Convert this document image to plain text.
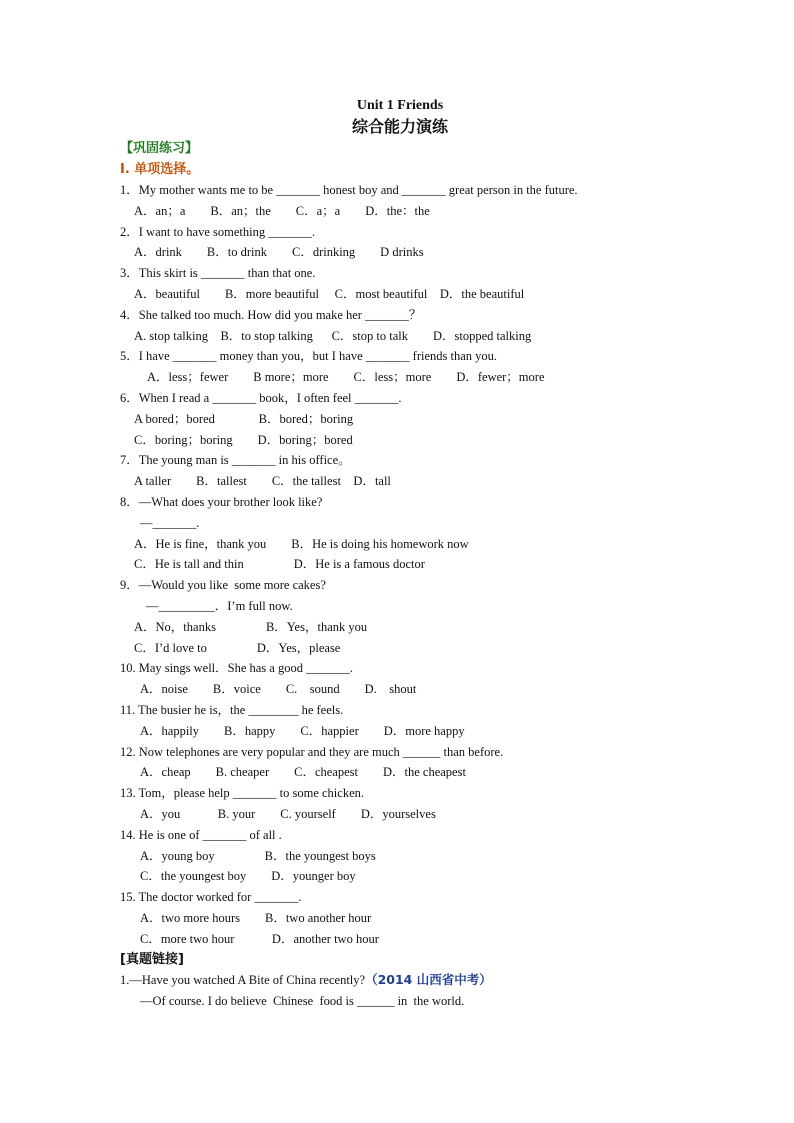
Unit 1 Friends
综合能力演练
【巩固练习】
I. 单项选择。
1．My mother wants me to be _______ honest boy and _______ great person in the future.
A．an；a        B．an；the        C．a；a        D．the：the
2．I want to have something _______.
A．drink        B．to drink        C．drinking        D drinks
3．This skirt is _______ than that one.
A．beautiful        B．more beautiful     C．most beautiful    D．the beautiful
4．She talked too much. How did you make her _______？
A. stop talking    B．to stop talking      C．stop to talk        D．stopped talking
5．I have _______ money than you，but I have _______ friends than you.
A．less；fewer        B more；more        C．less；more        D．fewer；more
6．When I read a _______ book，I often feel _______.
A bored；bored              B．bored；boring
C．boring；boring        D．boring；bored
7．The young man is _______ in his office。
A taller        B．tallest        C．the tallest    D．tall
8．—What does your brother look like?
—_______.
A．He is fine，thank you        B．He is doing his homework now
C．He is tall and thin                D．He is a famous doctor
9．—Would you like  some more cakes?
—_________．I’m full now.
A．No，thanks                B．Yes，thank you
C．I’d love to                D．Yes，please
10. May sings well．She has a good _______.
A．noise        B．voice        C.    sound        D.    shout
11. The busier he is，the ________ he feels.
A．happily        B．happy        C．happier        D．more happy
12. Now telephones are very popular and they are much ______ than before.
A．cheap        B. cheaper        C．cheapest        D．the cheapest
13. Tom，please help _______ to some chicken.
A．you            B. your        C. yourself        D．yourselves
14. He is one of _______ of all .
A．young boy                B．the youngest boys
C．the youngest boy        D．younger boy
15. The doctor worked for _______.
A．two more hours        B．two another hour
C．more two hour            D．another two hour
[真题链接]
1.—Have you watched A Bite of China recently?（2014 山西省中考）
—Of course. I do believe  Chinese  food is ______ in  the world.
